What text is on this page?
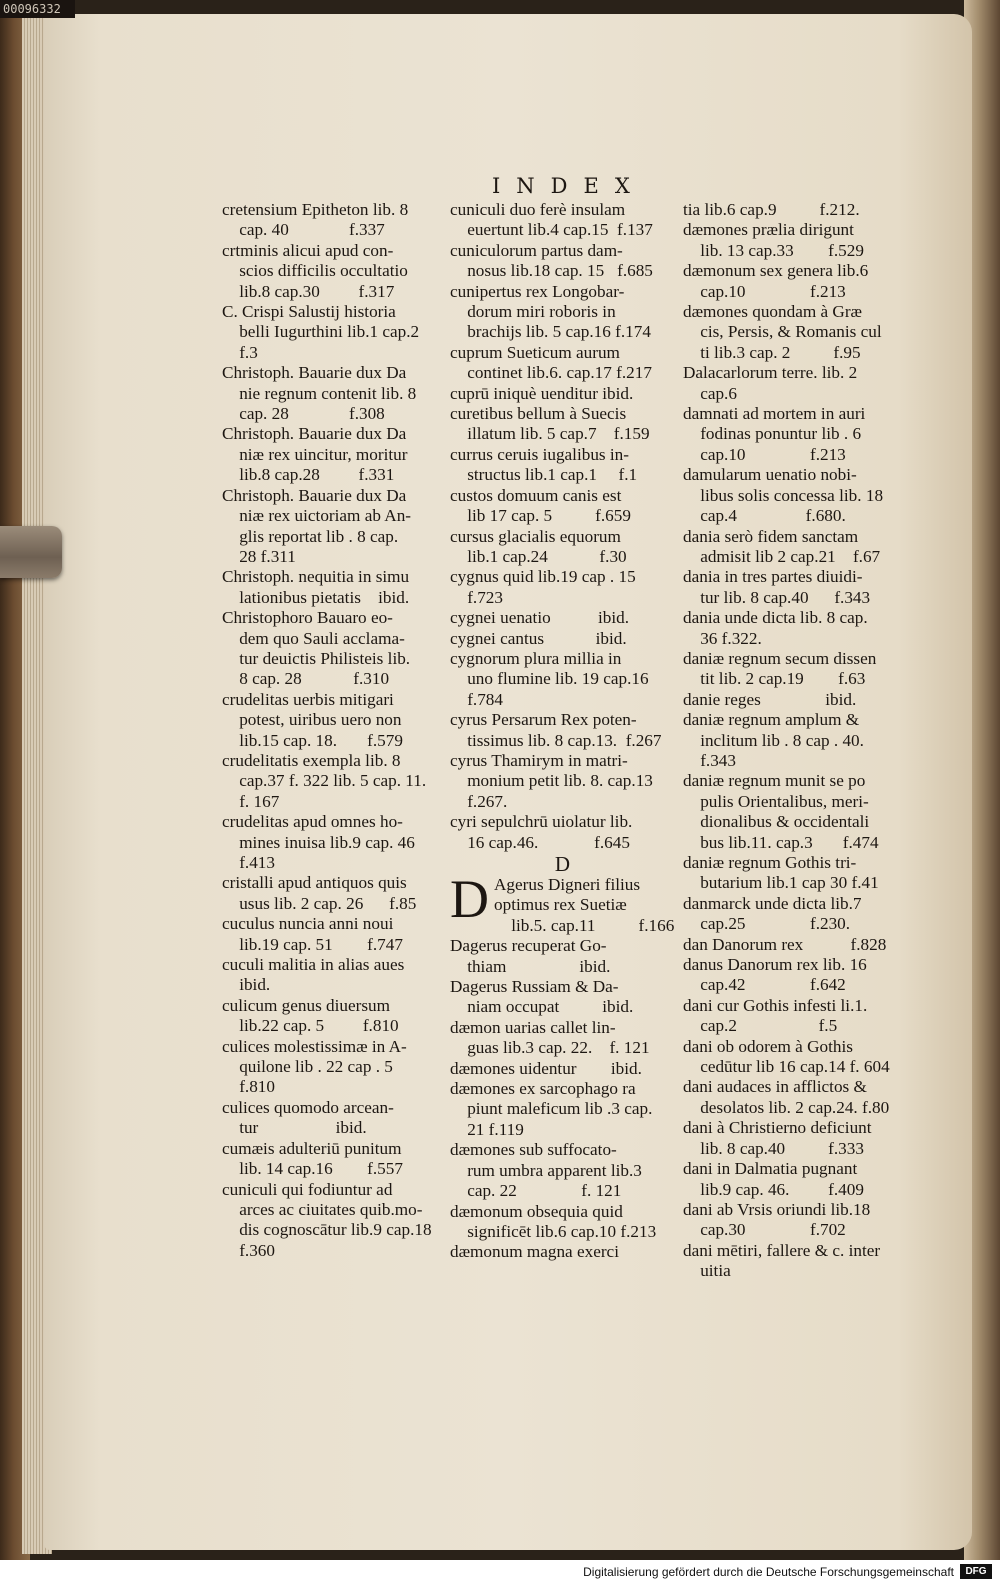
00096332
INDEX
cretensium Epitheton lib. 8
cap. 40              f.337
crtminis alicui apud con-
scios difficilis occultatio
lib.8 cap.30         f.317
C. Crispi Salustij historia
belli Iugurthini lib.1 cap.2
f.3
Christoph. Bauarie dux Da
nie regnum contenit lib. 8
cap. 28              f.308
Christoph. Bauarie dux Da
niæ rex uincitur, moritur
lib.8 cap.28         f.331
Christoph. Bauarie dux Da
niæ rex uictoriam ab An-
glis reportat lib . 8 cap.
28 f.311
Christoph. nequitia in simu
lationibus pietatis    ibid.
Christophoro Bauaro eo-
dem quo Sauli acclama-
tur deuictis Philisteis lib.
8 cap. 28            f.310
crudelitas uerbis mitigari
potest, uiribus uero non
lib.15 cap. 18.       f.579
crudelitatis exempla lib. 8
cap.37 f. 322 lib. 5 cap. 11.
f. 167
crudelitas apud omnes ho-
mines inuisa lib.9 cap. 46
f.413
cristalli apud antiquos quis
usus lib. 2 cap. 26      f.85
cuculus nuncia anni noui
lib.19 cap. 51        f.747
cuculi malitia in alias aues
ibid.
culicum genus diuersum
lib.22 cap. 5         f.810
culices molestissimæ in A-
quilone lib . 22 cap . 5
f.810
culices quomodo arcean-
tur                  ibid.
cumæis adulteriū punitum
lib. 14 cap.16        f.557
cuniculi qui fodiuntur ad
arces ac ciuitates quib.mo-
dis cognoscātur lib.9 cap.18
f.360
cuniculi duo ferè insulam
euertunt lib.4 cap.15  f.137
cuniculorum partus dam-
nosus lib.18 cap. 15   f.685
cunipertus rex Longobar-
dorum miri roboris in
brachijs lib. 5 cap.16 f.174
cuprum Sueticum aurum
continet lib.6. cap.17 f.217
cuprū iniquè uenditur ibid.
curetibus bellum à Suecis
illatum lib. 5 cap.7    f.159
currus ceruis iugalibus in-
structus lib.1 cap.1     f.1
custos domuum canis est
lib 17 cap. 5          f.659
cursus glacialis equorum
lib.1 cap.24            f.30
cygnus quid lib.19 cap . 15
f.723
cygnei uenatio           ibid.
cygnei cantus            ibid.
cygnorum plura millia in
uno flumine lib. 19 cap.16
f.784
cyrus Persarum Rex poten-
tissimus lib. 8 cap.13.  f.267
cyrus Thamirym in matri-
monium petit lib. 8. cap.13
f.267.
cyri sepulchrū uiolatur lib.
16 cap.46.             f.645
D
D Agerus Digneri filius
optimus rex Suetiæ
lib.5. cap.11          f.166
Dagerus recuperat Go-
thiam                 ibid.
Dagerus Russiam & Da-
niam occupat          ibid.
dæmon uarias callet lin-
guas lib.3 cap. 22.    f. 121
dæmones uidentur        ibid.
dæmones ex sarcophago ra
piunt maleficum lib .3 cap.
21 f.119
dæmones sub suffocato-
rum umbra apparent lib.3
cap. 22               f. 121
dæmonum obsequia quid
significēt lib.6 cap.10 f.213
dæmonum magna exerci
tia lib.6 cap.9          f.212.
dæmones prælia dirigunt
lib. 13 cap.33        f.529
dæmonum sex genera lib.6
cap.10               f.213
dæmones quondam à Græ
cis, Persis, & Romanis cul
ti lib.3 cap. 2          f.95
Dalacarlorum terre. lib. 2
cap.6
damnati ad mortem in auri
fodinas ponuntur lib . 6
cap.10               f.213
damularum uenatio nobi-
libus solis concessa lib. 18
cap.4                f.680.
dania serò fidem sanctam
admisit lib 2 cap.21    f.67
dania in tres partes diuidi-
tur lib. 8 cap.40      f.343
dania unde dicta lib. 8 cap.
36 f.322.
daniæ regnum secum dissen
tit lib. 2 cap.19        f.63
danie reges               ibid.
daniæ regnum amplum &
inclitum lib . 8 cap . 40.
f.343
daniæ regnum munit se po
pulis Orientalibus, meri-
dionalibus & occidentali
bus lib.11. cap.3       f.474
daniæ regnum Gothis tri-
butarium lib.1 cap 30 f.41
danmarck unde dicta lib.7
cap.25               f.230.
dan Danorum rex           f.828
danus Danorum rex lib. 16
cap.42               f.642
dani cur Gothis infesti li.1.
cap.2                   f.5
dani ob odorem à Gothis
cedūtur lib 16 cap.14 f. 604
dani audaces in afflictos &
desolatos lib. 2 cap.24. f.80
dani à Christierno deficiunt
lib. 8 cap.40          f.333
dani in Dalmatia pugnant
lib.9 cap. 46.         f.409
dani ab Vrsis oriundi lib.18
cap.30               f.702
dani mētiri, fallere & c. inter
uitia
Digitalisierung gefördert durch die Deutsche Forschungsgemeinschaft	DFG
